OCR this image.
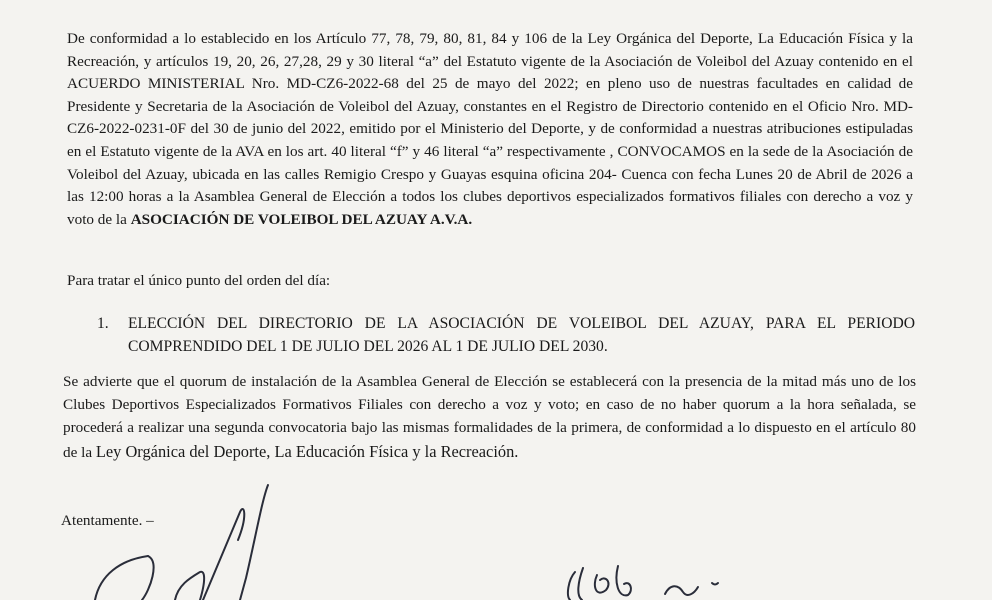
De conformidad a lo establecido en los Artículo 77, 78, 79, 80, 81, 84 y 106 de la Ley Orgánica del Deporte, La Educación Física y la Recreación, y artículos 19, 20, 26, 27,28, 29 y 30 literal “a” del Estatuto vigente de la Asociación de Voleibol del Azuay contenido en el ACUERDO MINISTERIAL Nro. MD-CZ6-2022-68 del 25 de mayo del 2022; en pleno uso de nuestras facultades en calidad de Presidente y Secretaria de la Asociación de Voleibol del Azuay, constantes en el Registro de Directorio contenido en el Oficio Nro. MD-CZ6-2022-0231-0F del 30 de junio del 2022, emitido por el Ministerio del Deporte, y de conformidad a nuestras atribuciones estipuladas en el Estatuto vigente de la AVA en los art. 40 literal “f” y 46 literal “a” respectivamente , CONVOCAMOS en la sede de la Asociación de Voleibol del Azuay, ubicada en las calles Remigio Crespo y Guayas esquina oficina 204- Cuenca con fecha Lunes 20 de Abril de 2026 a las 12:00 horas a la Asamblea General de Elección a todos los clubes deportivos especializados formativos filiales con derecho a voz y voto de la ASOCIACIÓN DE VOLEIBOL DEL AZUAY A.V.A.

Para tratar el único punto del orden del día:

1. ELECCIÓN DEL DIRECTORIO DE LA ASOCIACIÓN DE VOLEIBOL DEL AZUAY, PARA EL PERIODO COMPRENDIDO DEL 1 DE JULIO DEL 2026 AL 1 DE JULIO DEL 2030.

Se advierte que el quorum de instalación de la Asamblea General de Elección se establecerá con la presencia de la mitad más uno de los Clubes Deportivos Especializados Formativos Filiales con derecho a voz y voto; en caso de no haber quorum a la hora señalada, se procederá a realizar una segunda convocatoria bajo las mismas formalidades de la primera, de conformidad a lo dispuesto en el artículo 80 de la Ley Orgánica del Deporte, La Educación Física y la Recreación.

Atentamente. –
